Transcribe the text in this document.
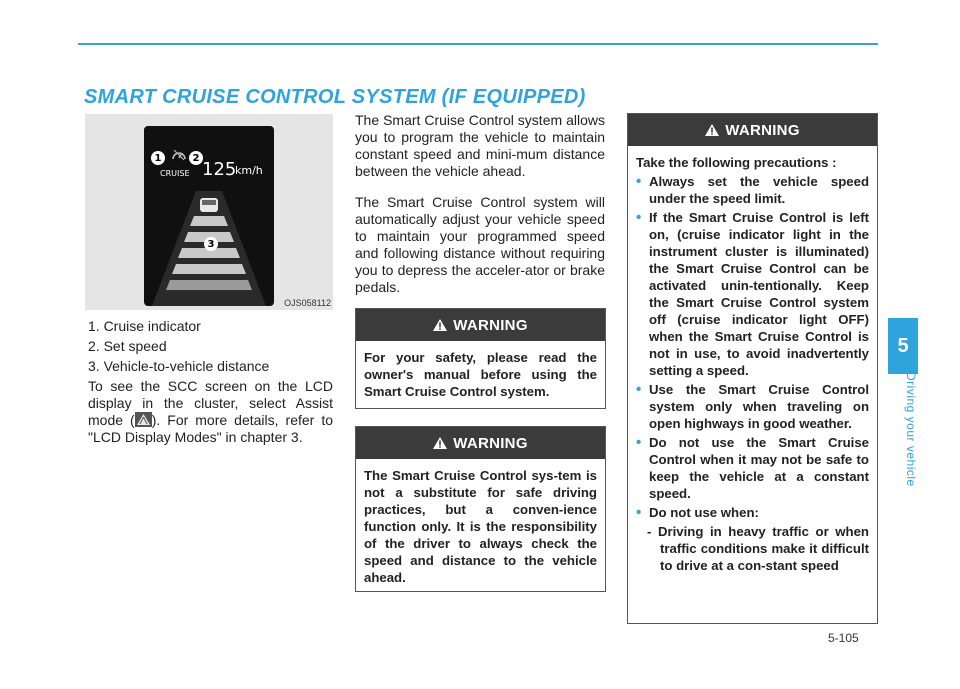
SMART CRUISE CONTROL SYSTEM (IF EQUIPPED)
5
Driving your vehicle
1	2
CRUISE 125
km/h
3
OJS058112
1. Cruise indicator
2. Set speed
3. Vehicle-to-vehicle distance

To see the SCC screen on the LCD display in the cluster, select Assist mode ( ). For more details, refer to "LCD Display Modes" in chapter 3.

The Smart Cruise Control system allows you to program the vehicle to maintain constant speed and mini-mum distance between the vehicle ahead.

The Smart Cruise Control system will automatically adjust your vehicle speed to maintain your programmed speed and following distance without requiring you to depress the acceler-ator or brake pedals.

WARNING
For your safety, please read the owner's manual before using the Smart Cruise Control system.
WARNING
The Smart Cruise Control sys-tem is not a substitute for safe driving practices, but a conven-ience function only. It is the responsibility of the driver to always check the speed and distance to the vehicle ahead.
WARNING
Take the following precautions :
• Always set the vehicle speed under the speed limit.
• If the Smart Cruise Control is left on, (cruise indicator light in the instrument cluster is illuminated) the Smart Cruise Control can be activated unin-tentionally. Keep the Smart Cruise Control system off (cruise indicator light OFF) when the Smart Cruise Control is not in use, to avoid inadvertently setting a speed.
• Use the Smart Cruise Control system only when traveling on open highways in good weather.
• Do not use the Smart Cruise Control when it may not be safe to keep the vehicle at a constant speed.
• Do not use when:
- Driving in heavy traffic or when traffic conditions make it difficult to drive at a con-stant speed
5-105
